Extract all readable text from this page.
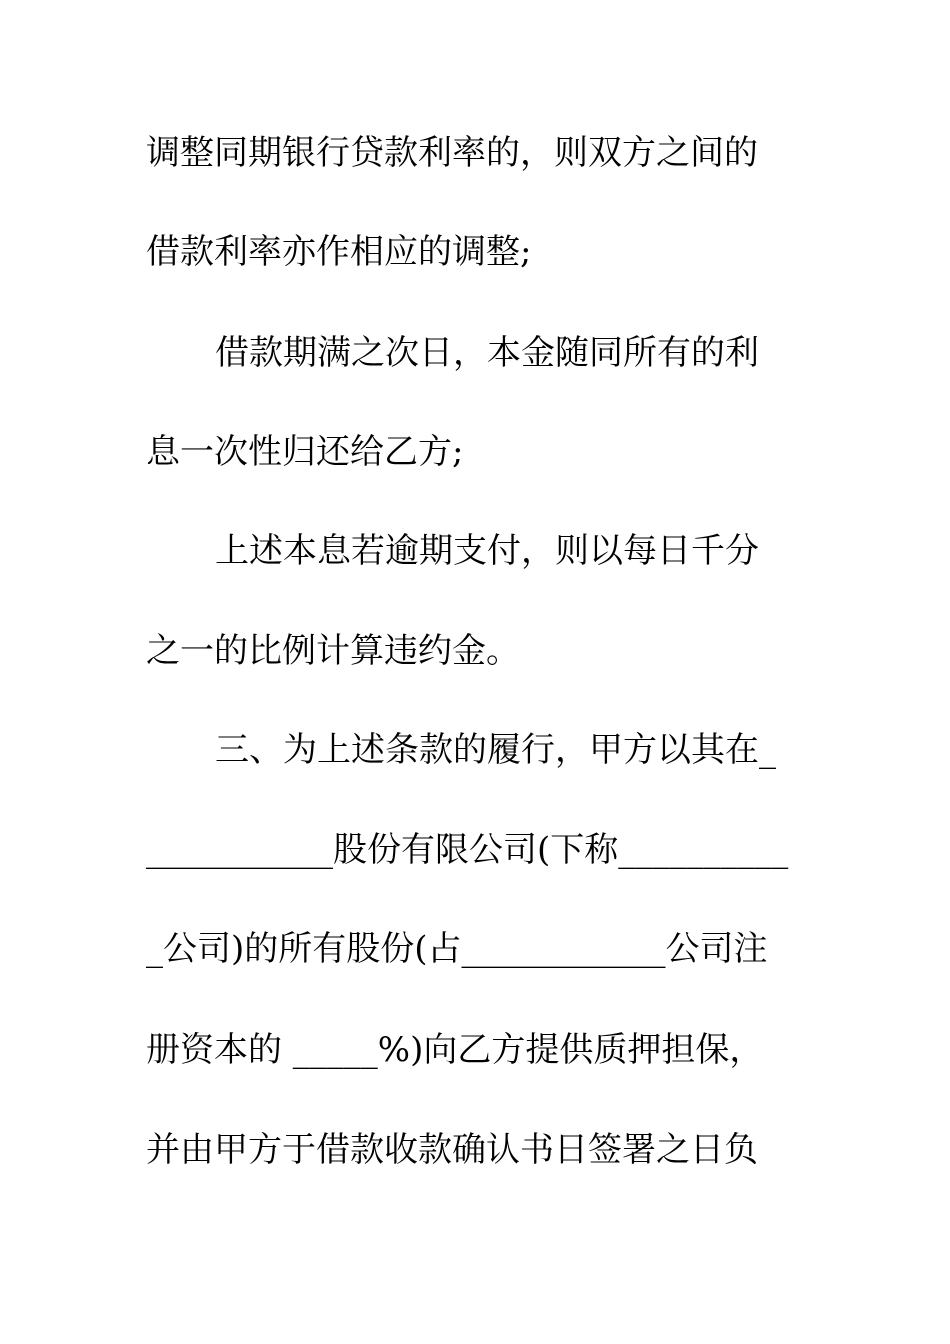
调整同期银行贷款利率的，则双方之间的
借款利率亦作相应的调整;
借款期满之次日，本金随同所有的利
息一次性归还给乙方;
上述本息若逾期支付，则以每日千分
之一的比例计算违约金。
三、为上述条款的履行，甲方以其在_
___________股份有限公司(下称__________
_公司)的所有股份(占____________公司注
册资本的 _____%)向乙方提供质押担保，
并由甲方于借款收款确认书日签署之日负
